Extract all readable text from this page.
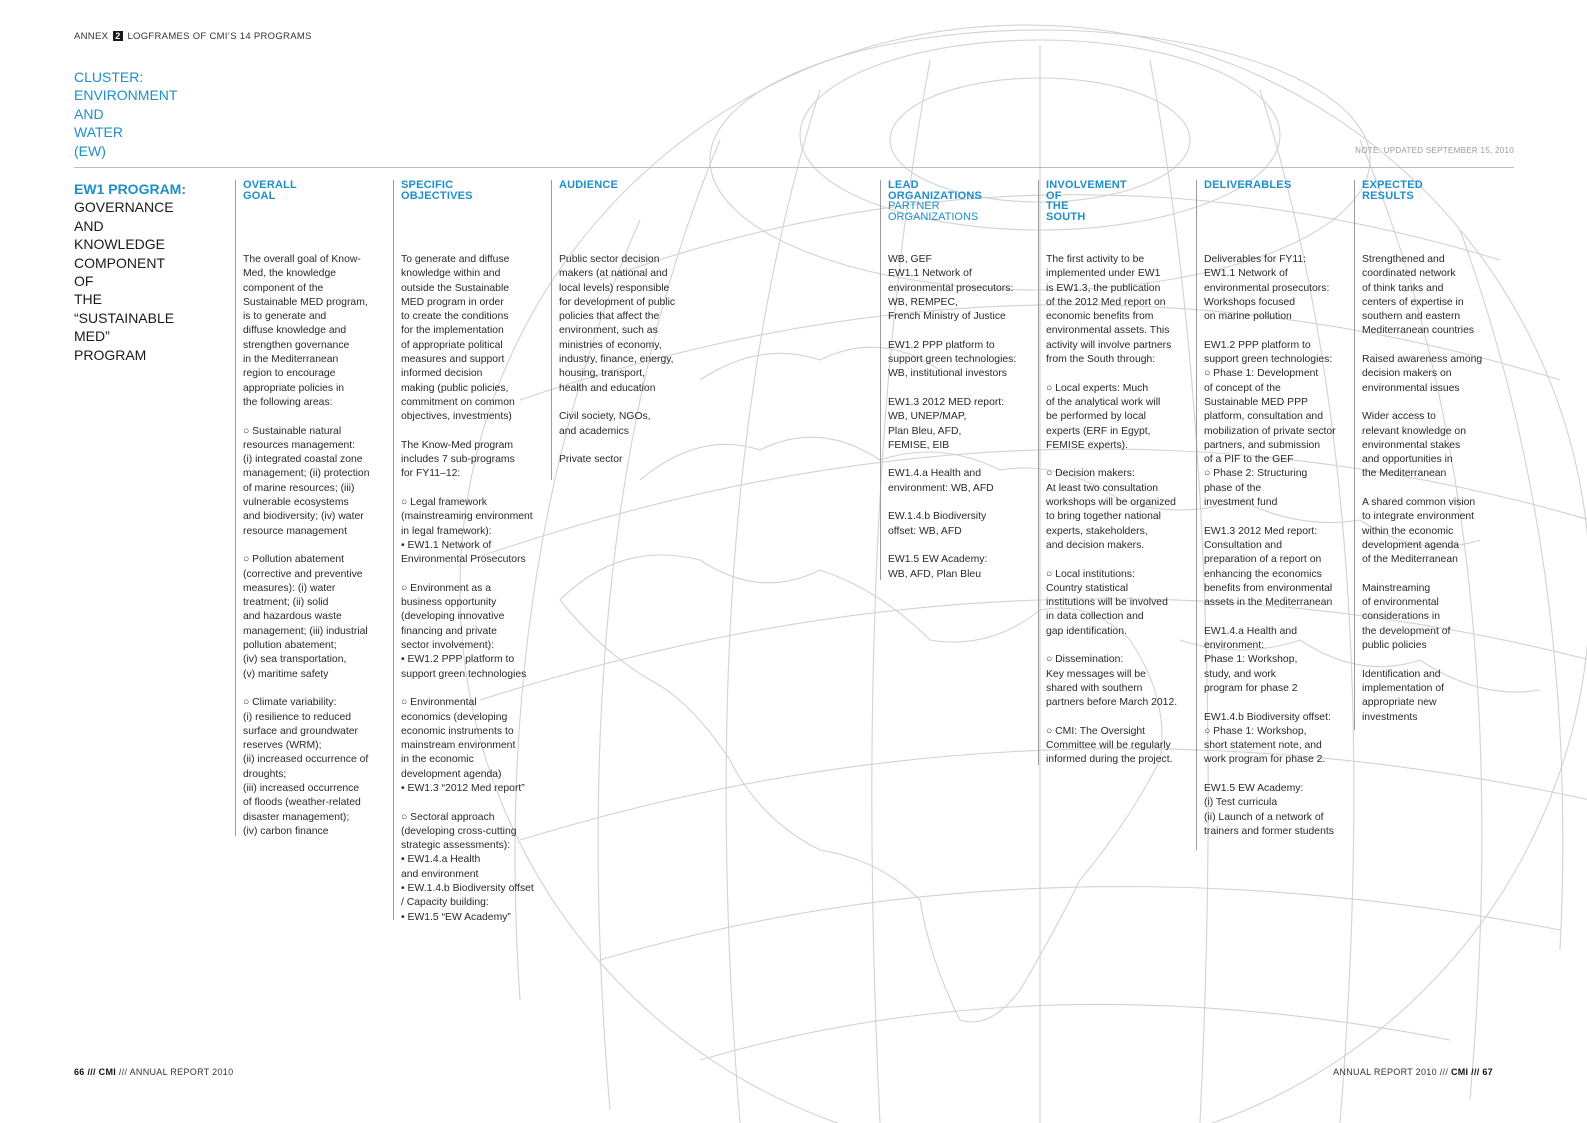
ANNEX 2 LOGFRAMES OF CMI’S 14 PROGRAMS
CLUSTER:
ENVIRONMENT
AND
WATER
(EW)	NOTE: UPDATED SEPTEMBER 15, 2010
EW1 PROGRAM:
GOVERNANCE
AND
KNOWLEDGE
COMPONENT
OF
THE
“SUSTAINABLE
MED”
PROGRAM
OVERALL
GOAL

The overall goal of Know-
Med, the knowledge
component of the
Sustainable MED program,
is to generate and
diffuse knowledge and
strengthen governance
in the Mediterranean
region to encourage
appropriate policies in
the following areas:

○ Sustainable natural
resources management:
(i) integrated coastal zone
management; (ii) protection
of marine resources; (iii)
vulnerable ecosystems
and biodiversity; (iv) water
resource management

○ Pollution abatement
(corrective and preventive
measures): (i) water
treatment; (ii) solid
and hazardous waste
management; (iii) industrial
pollution abatement;
(iv) sea transportation,
(v) maritime safety

○ Climate variability:
(i) resilience to reduced
surface and groundwater
reserves (WRM);
(ii) increased occurrence of
droughts;
(iii) increased occurrence
of floods (weather-related
disaster management);
(iv) carbon finance

SPECIFIC
OBJECTIVES

To generate and diffuse
knowledge within and
outside the Sustainable
MED program in order
to create the conditions
for the implementation
of appropriate political
measures and support
informed decision
making (public policies,
commitment on common
objectives, investments)

The Know-Med program
includes 7 sub-programs
for FY11–12:

○ Legal framework
(mainstreaming environment
in legal framework):
• EW1.1 Network of
Environmental Prosecutors

○ Environment as a
business opportunity
(developing innovative
financing and private
sector involvement):
• EW1.2 PPP platform to
support green technologies

○ Environmental
economics (developing
economic instruments to
mainstream environment
in the economic
development agenda)
• EW1.3 “2012 Med report”

○ Sectoral approach
(developing cross-cutting
strategic assessments):
• EW1.4.a Health
and environment
• EW.1.4.b Biodiversity offset
/ Capacity building:
• EW1.5 “EW Academy”

AUDIENCE

Public sector decision
makers (at national and
local levels) responsible
for development of public
policies that affect the
environment, such as
ministries of economy,
industry, finance, energy,
housing, transport,
health and education

Civil society, NGOs,
and academics

Private sector

LEAD
ORGANIZATIONS
PARTNER
ORGANIZATIONS

WB, GEF
EW1.1 Network of
environmental prosecutors:
WB, REMPEC,
French Ministry of Justice

EW1.2 PPP platform to
support green technologies:
WB, institutional investors

EW1.3 2012 MED report:
WB, UNEP/MAP,
Plan Bleu, AFD,
FEMISE, EIB

EW1.4.a Health and
environment: WB, AFD

EW.1.4.b Biodiversity
offset: WB, AFD

EW1.5 EW Academy:
WB, AFD, Plan Bleu

INVOLVEMENT
OF
THE
SOUTH

The first activity to be
implemented under EW1
is EW1.3, the publication
of the 2012 Med report on
economic benefits from
environmental assets. This
activity will involve partners
from the South through:

○ Local experts: Much
of the analytical work will
be performed by local
experts (ERF in Egypt,
FEMISE experts).

○ Decision makers:
At least two consultation
workshops will be organized
to bring together national
experts, stakeholders,
and decision makers.

○ Local institutions:
Country statistical
institutions will be involved
in data collection and
gap identification.

○ Dissemination:
Key messages will be
shared with southern
partners before March 2012.

○ CMI: The Oversight
Committee will be regularly
informed during the project.

DELIVERABLES

Deliverables for FY11:
EW1.1 Network of
environmental prosecutors:
Workshops focused
on marine pollution

EW1.2 PPP platform to
support green technologies:
○ Phase 1: Development
of concept of the
Sustainable MED PPP
platform, consultation and
mobilization of private sector
partners, and submission
of a PIF to the GEF
○ Phase 2: Structuring
phase of the
investment fund

EW1.3 2012 Med report:
Consultation and
preparation of a report on
enhancing the economics
benefits from environmental
assets in the Mediterranean

EW1.4.a Health and
environment:
Phase 1: Workshop,
study, and work
program for phase 2

EW1.4.b Biodiversity offset:
○ Phase 1: Workshop,
short statement note, and
work program for phase 2.

EW1.5 EW Academy:
(i) Test curricula
(ii) Launch of a network of
trainers and former students

EXPECTED
RESULTS

Strengthened and
coordinated network
of think tanks and
centers of expertise in
southern and eastern
Mediterranean countries

Raised awareness among
decision makers on
environmental issues

Wider access to
relevant knowledge on
environmental stakes
and opportunities in
the Mediterranean

A shared common vision
to integrate environment
within the economic
development agenda
of the Mediterranean

Mainstreaming
of environmental
considerations in
the development of
public policies

Identification and
implementation of
appropriate new
investments

66 /// CMI /// ANNUAL REPORT 2010	ANNUAL REPORT 2010 /// CMI /// 67
